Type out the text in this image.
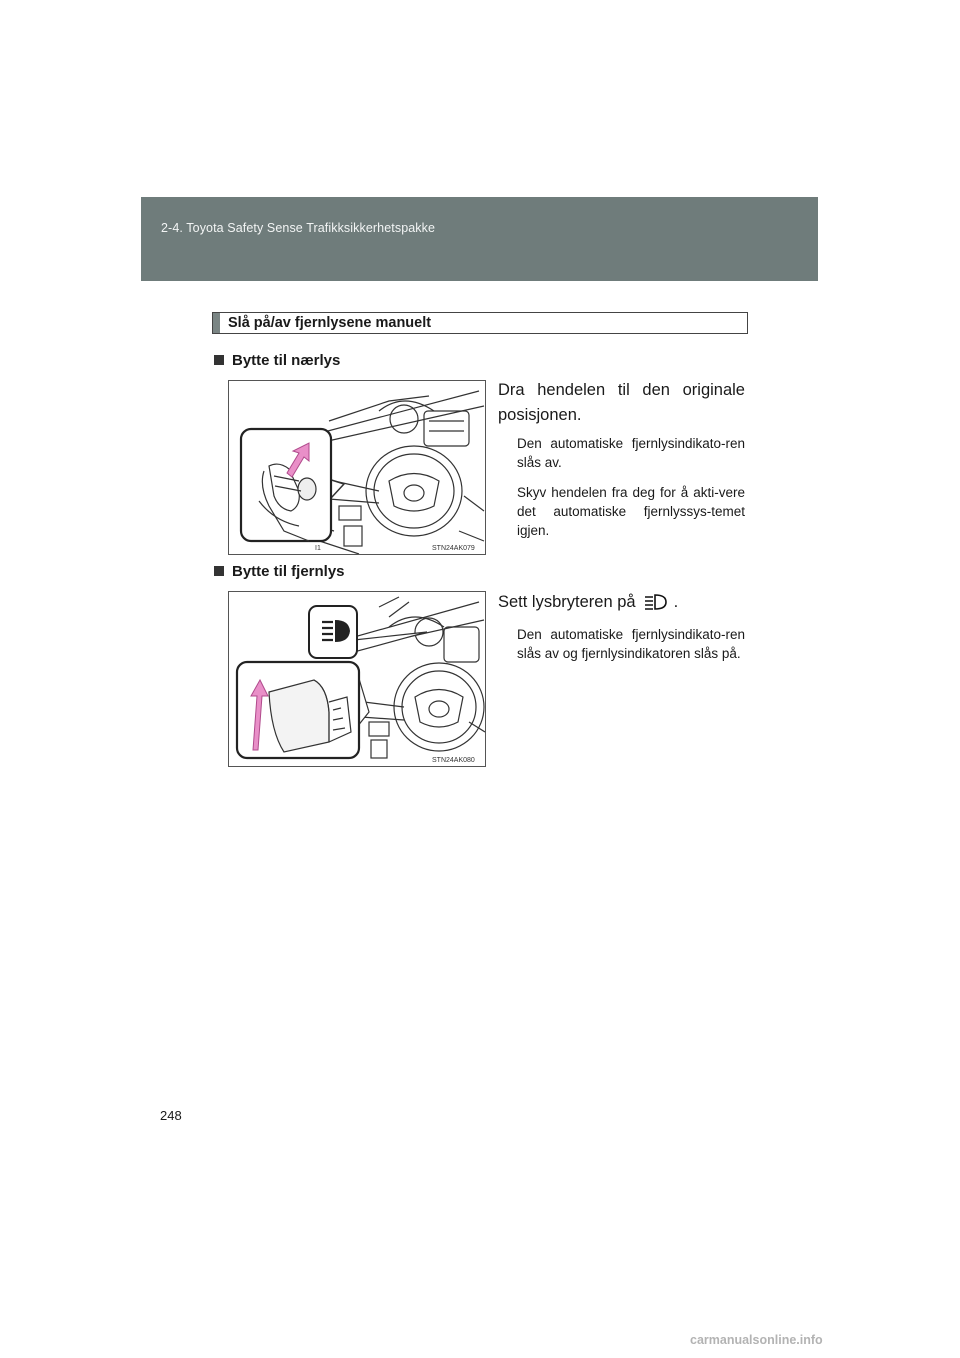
2-4. Toyota Safety Sense Trafikksikkerhetspakke
Slå på/av fjernlysene manuelt
Bytte til nærlys
I1	STN24AK079
Dra hendelen til den originale posisjonen.
Den automatiske fjernlysindikato-ren slås av.
Skyv hendelen fra deg for å akti-vere det automatiske fjernlyssys-temet igjen.
Bytte til fjernlys
STN24AK080
Sett lysbryteren på .
Den automatiske fjernlysindikato-ren slås av og fjernlysindikatoren slås på.
248
carmanualsonline.info
